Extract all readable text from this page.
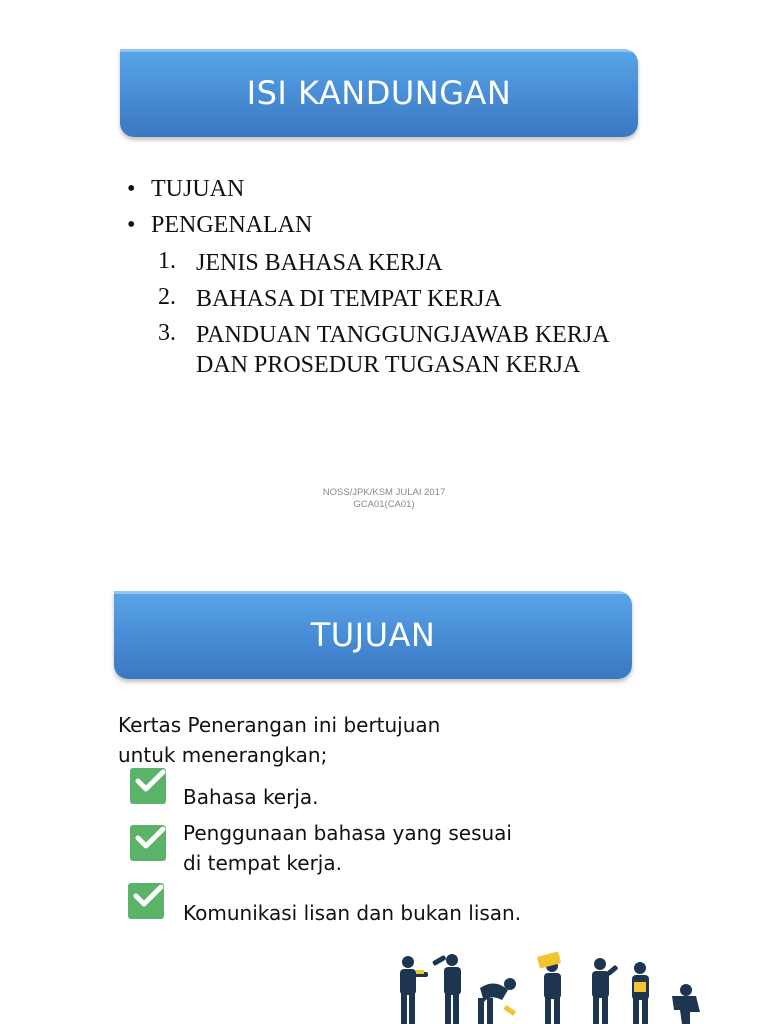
ISI KANDUNGAN
• TUJUAN
• PENGENALAN
1. JENIS BAHASA KERJA
2. BAHASA DI TEMPAT KERJA
3. PANDUAN TANGGUNGJAWAB KERJA
DAN PROSEDUR TUGASAN KERJA
NOSS/JPK/KSM JULAI 2017
GCA01(CA01)
TUJUAN
Kertas Penerangan ini bertujuan
untuk menerangkan;
Bahasa kerja.
Penggunaan bahasa yang sesuai
di tempat kerja.
Komunikasi lisan dan bukan lisan.
